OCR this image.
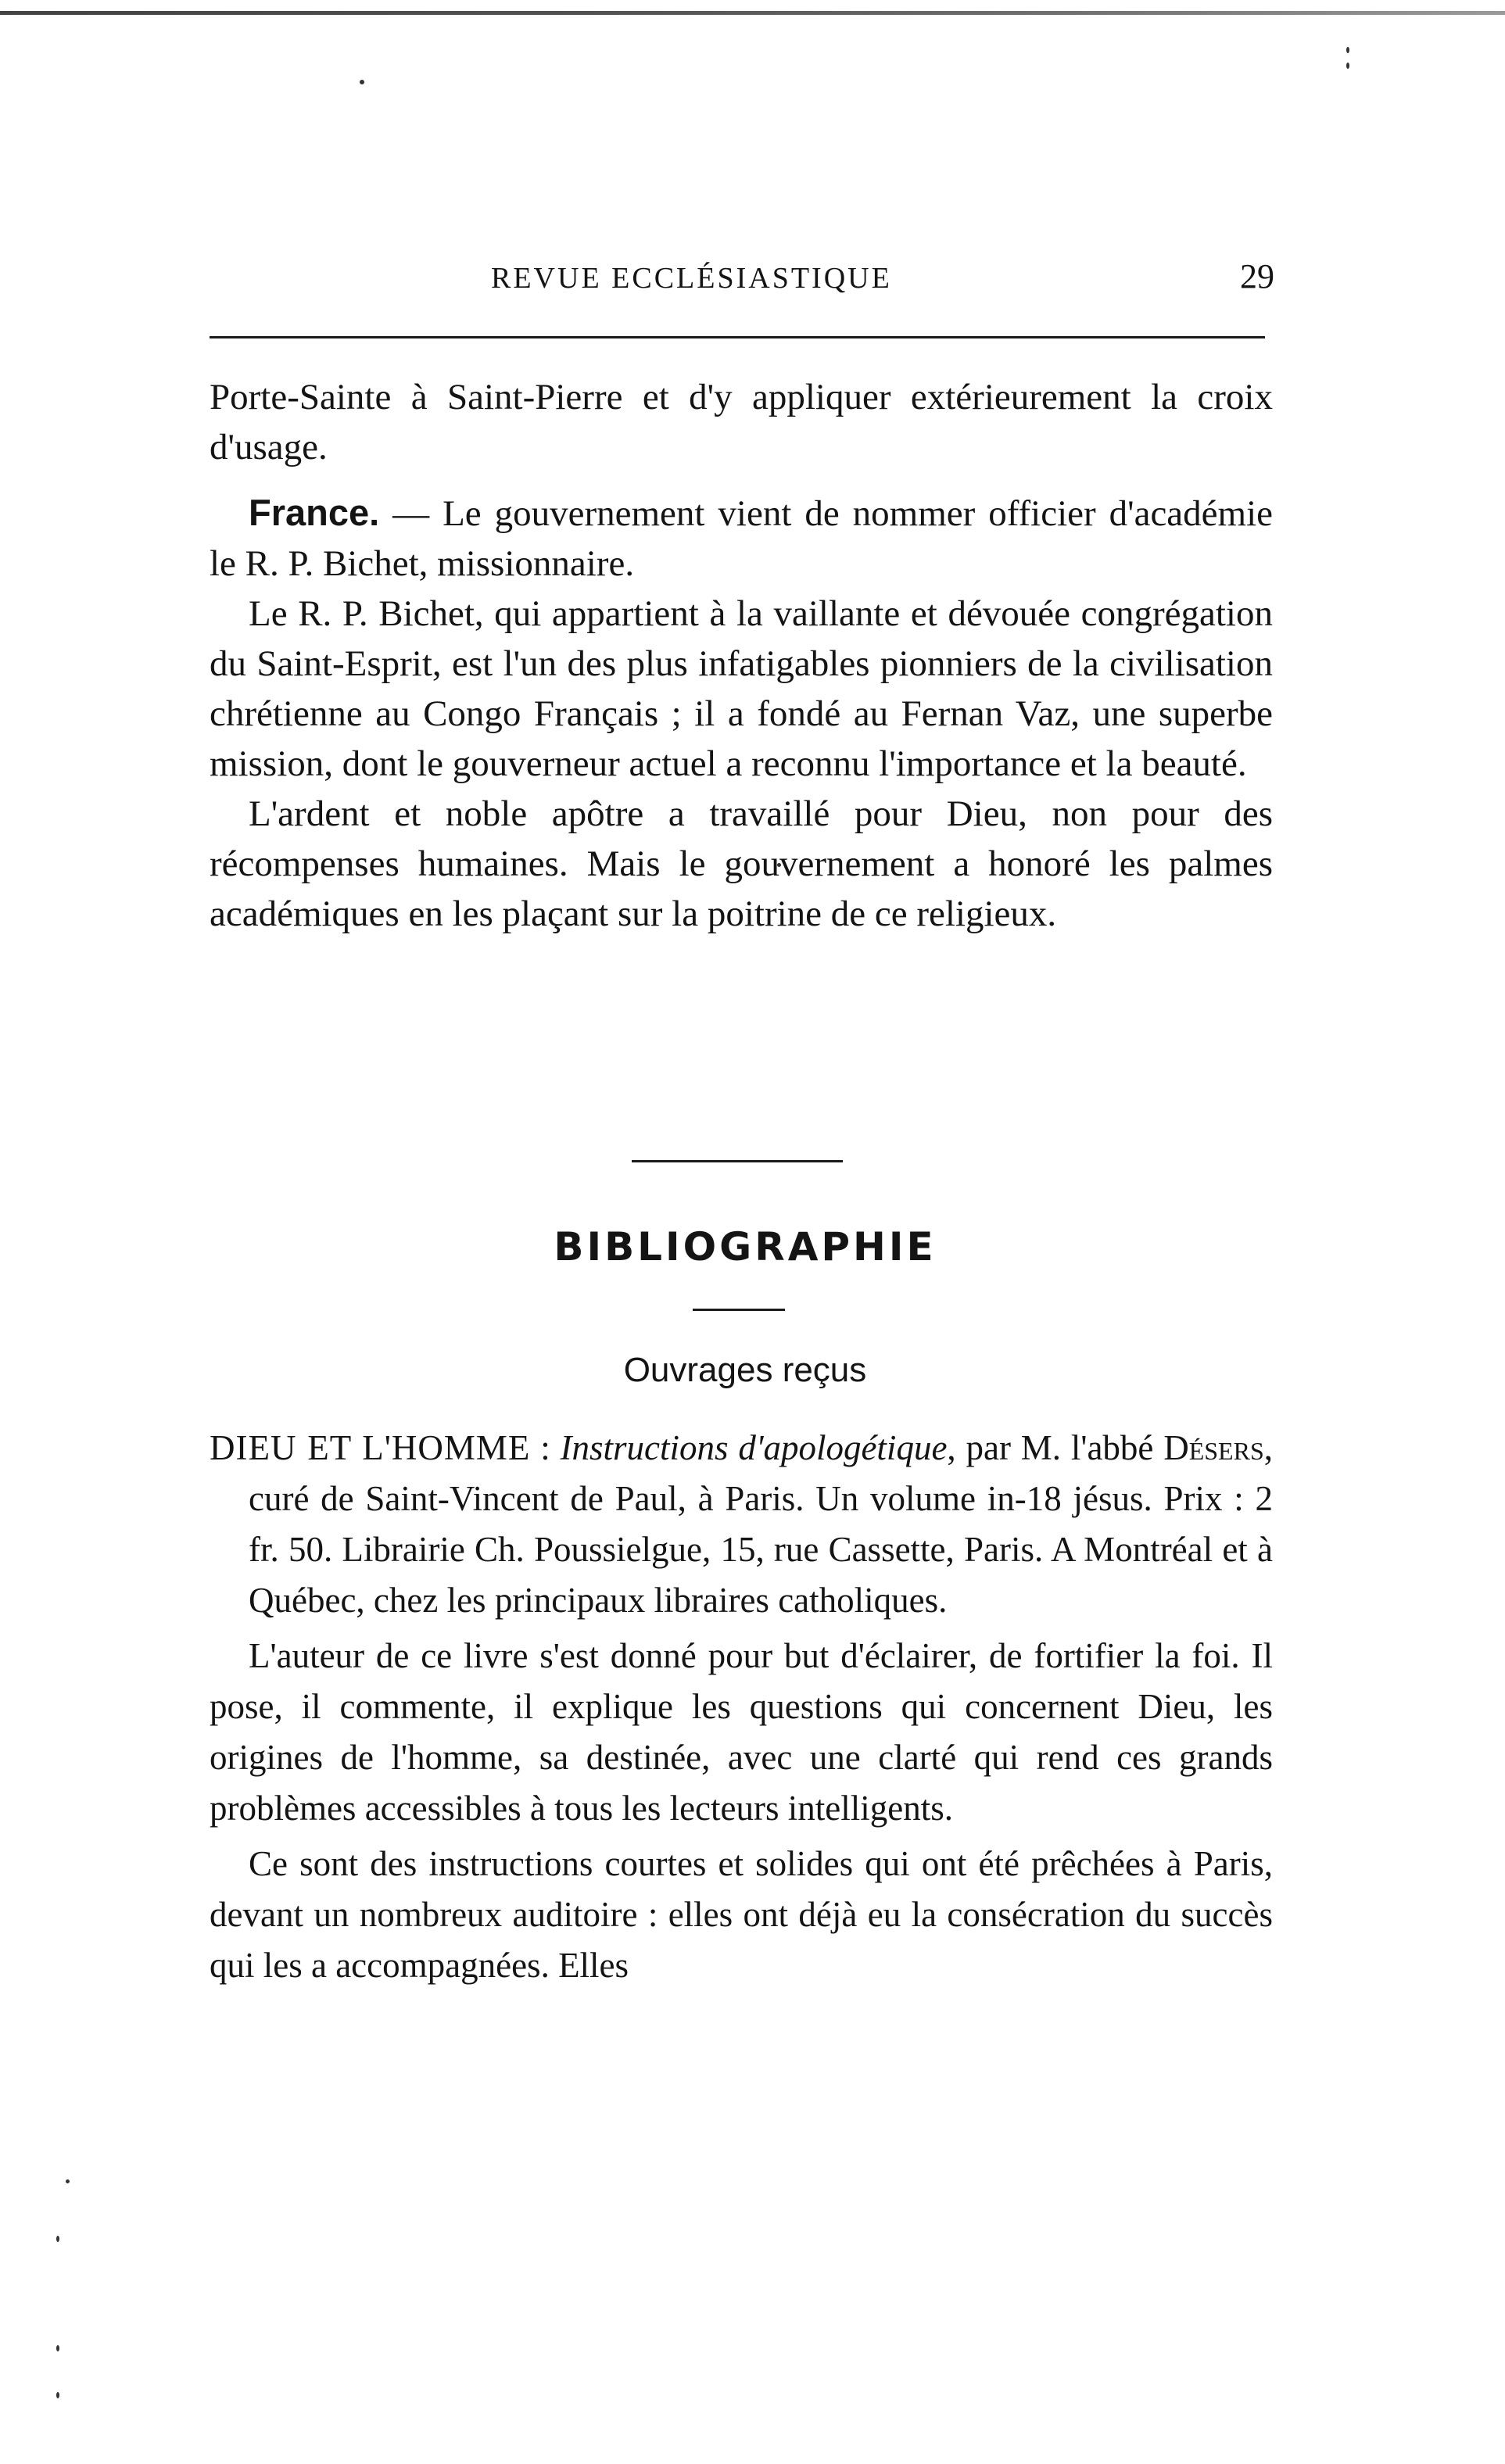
REVUE ECCLÉSIASTIQUE	29

Porte-Sainte à Saint-Pierre et d'y appliquer extérieurement la croix d'usage.

France. — Le gouvernement vient de nommer officier d'académie le R. P. Bichet, missionnaire.

Le R. P. Bichet, qui appartient à la vaillante et dévouée congrégation du Saint-Esprit, est l'un des plus infatigables pionniers de la civilisation chrétienne au Congo Français ; il a fondé au Fernan Vaz, une superbe mission, dont le gouverneur actuel a reconnu l'importance et la beauté.

L'ardent et noble apôtre a travaillé pour Dieu, non pour des récompenses humaines. Mais le gouvernement a honoré les palmes académiques en les plaçant sur la poitrine de ce religieux.

BIBLIOGRAPHIE
Ouvrages reçus

DIEU ET L'HOMME : Instructions d'apologétique, par M. l'abbé Désers, curé de Saint-Vincent de Paul, à Paris. Un volume in-18 jésus. Prix : 2 fr. 50. Librairie Ch. Poussielgue, 15, rue Cassette, Paris. A Montréal et à Québec, chez les principaux libraires catholiques.

L'auteur de ce livre s'est donné pour but d'éclairer, de fortifier la foi. Il pose, il commente, il explique les questions qui concernent Dieu, les origines de l'homme, sa destinée, avec une clarté qui rend ces grands problèmes accessibles à tous les lecteurs intelligents.

Ce sont des instructions courtes et solides qui ont été prêchées à Paris, devant un nombreux auditoire : elles ont déjà eu la consécration du succès qui les a accompagnées. Elles
